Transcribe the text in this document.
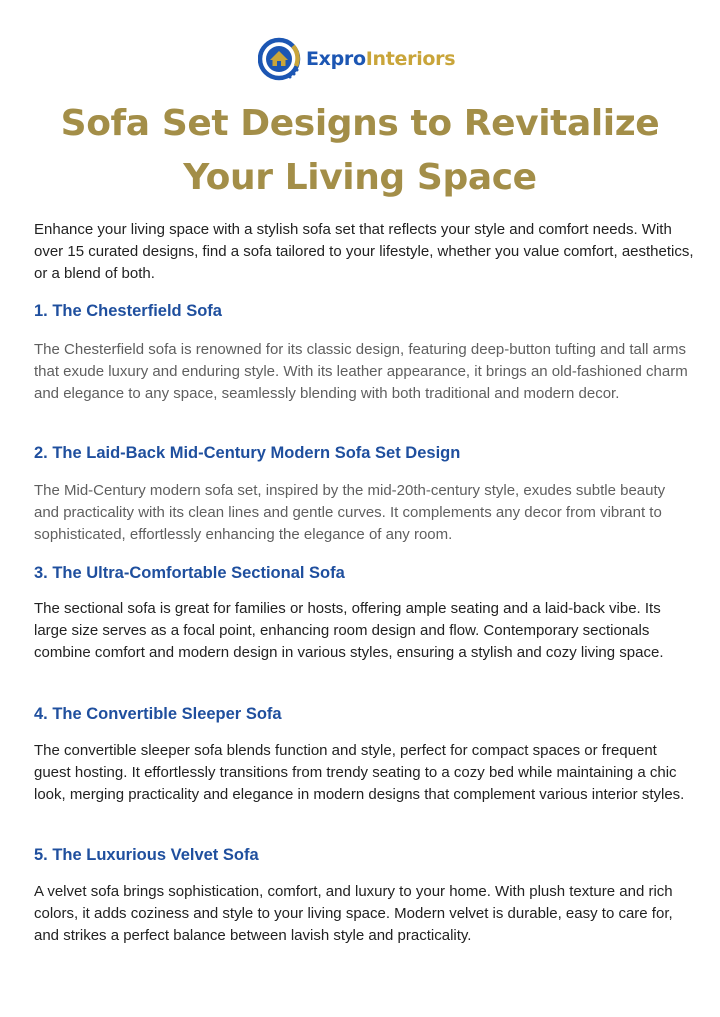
ExproInteriors
Sofa Set Designs to Revitalize Your Living Space

Enhance your living space with a stylish sofa set that reflects your style and comfort needs. With over 15 curated designs, find a sofa tailored to your lifestyle, whether you value comfort, aesthetics, or a blend of both.

1. The Chesterfield Sofa

The Chesterfield sofa is renowned for its classic design, featuring deep-button tufting and tall arms that exude luxury and enduring style. With its leather appearance, it brings an old-fashioned charm and elegance to any space, seamlessly blending with both traditional and modern decor.

2. The Laid-Back Mid-Century Modern Sofa Set Design

The Mid-Century modern sofa set, inspired by the mid-20th-century style, exudes subtle beauty and practicality with its clean lines and gentle curves. It complements any decor from vibrant to sophisticated, effortlessly enhancing the elegance of any room.

3. The Ultra-Comfortable Sectional Sofa

The sectional sofa is great for families or hosts, offering ample seating and a laid-back vibe. Its large size serves as a focal point, enhancing room design and flow. Contemporary sectionals combine comfort and modern design in various styles, ensuring a stylish and cozy living space.

4. The Convertible Sleeper Sofa

The convertible sleeper sofa blends function and style, perfect for compact spaces or frequent guest hosting. It effortlessly transitions from trendy seating to a cozy bed while maintaining a chic look, merging practicality and elegance in modern designs that complement various interior styles.

5. The Luxurious Velvet Sofa

A velvet sofa brings sophistication, comfort, and luxury to your home. With plush texture and rich colors, it adds coziness and style to your living space. Modern velvet is durable, easy to care for, and strikes a perfect balance between lavish style and practicality.
